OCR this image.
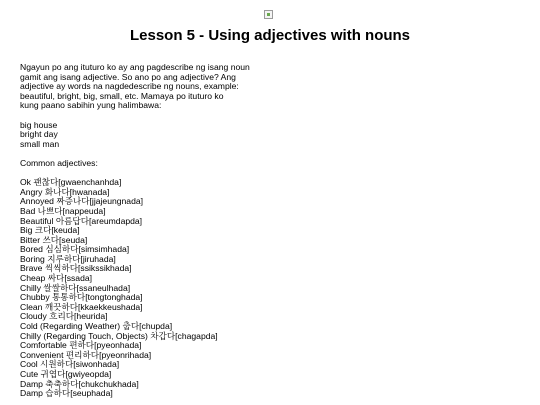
Lesson 5 - Using adjectives with nouns
Ngayun po ang ituturo ko ay ang pagdescribe ng isang noun
gamit ang isang adjective. So ano po ang adjective? Ang
adjective ay words na nagdedescribe ng nouns, example:
beautiful, bright, big, small, etc. Mamaya po ituturo ko
kung paano sabihin yung halimbawa:
big house
bright day
small man
Common adjectives:
Ok 괜찮다[gwaenchanhda]
Angry 화나다[hwanada]
Annoyed 짜증나다[jjajeungnada]
Bad 나쁘다[nappeuda]
Beautiful 아름답다[areumdapda]
Big 크다[keuda]
Bitter 쓰다[seuda]
Bored 심심하다[simsimhada]
Boring 지루하다[jiruhada]
Brave 씩씩하다[ssikssikhada]
Cheap 싸다[ssada]
Chilly 쌀쌀하다[ssaneulhada]
Chubby 통통하다[tongtonghada]
Clean 깨끗하다[kkaekkeushada]
Cloudy 흐리다[heurida]
Cold (Regarding Weather) 춥다[chupda]
Chilly (Regarding Touch, Objects) 차갑다[chagapda]
Comfortable 편하다[pyeonhada]
Convenient 편리하다[pyeonrihada]
Cool 시원하다[siwonhada]
Cute 귀엽다[gwiyeopda]
Damp 축축하다[chukchukhada]
Damp 습하다[seuphada]
